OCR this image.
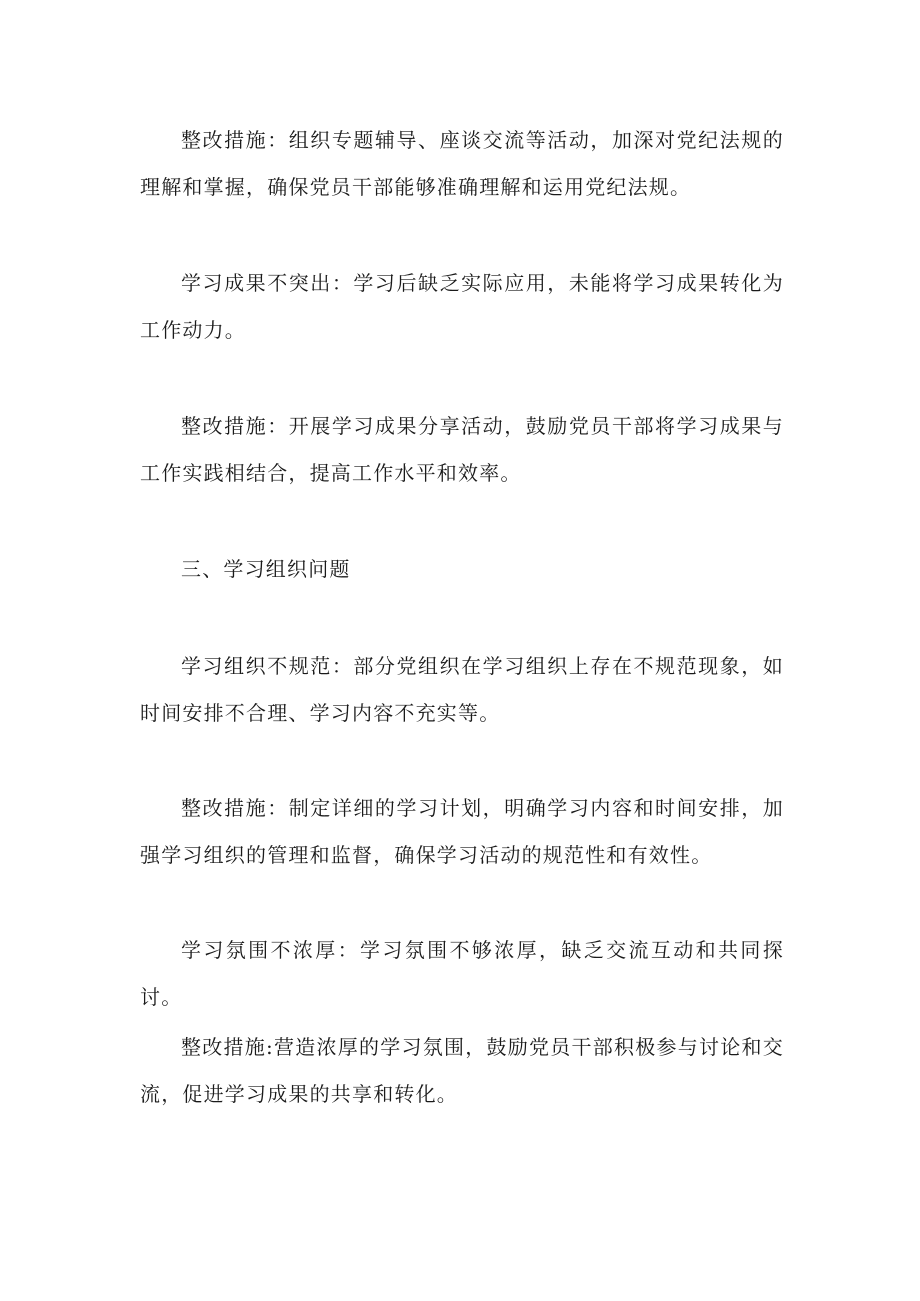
整改措施：组织专题辅导、座谈交流等活动，加深对党纪法规的理解和掌握，确保党员干部能够准确理解和运用党纪法规。

学习成果不突出：学习后缺乏实际应用，未能将学习成果转化为工作动力。

整改措施：开展学习成果分享活动，鼓励党员干部将学习成果与工作实践相结合，提高工作水平和效率。

三、学习组织问题

学习组织不规范：部分党组织在学习组织上存在不规范现象，如时间安排不合理、学习内容不充实等。

整改措施：制定详细的学习计划，明确学习内容和时间安排，加强学习组织的管理和监督，确保学习活动的规范性和有效性。

学习氛围不浓厚：学习氛围不够浓厚，缺乏交流互动和共同探讨。

整改措施:营造浓厚的学习氛围，鼓励党员干部积极参与讨论和交流，促进学习成果的共享和转化。
